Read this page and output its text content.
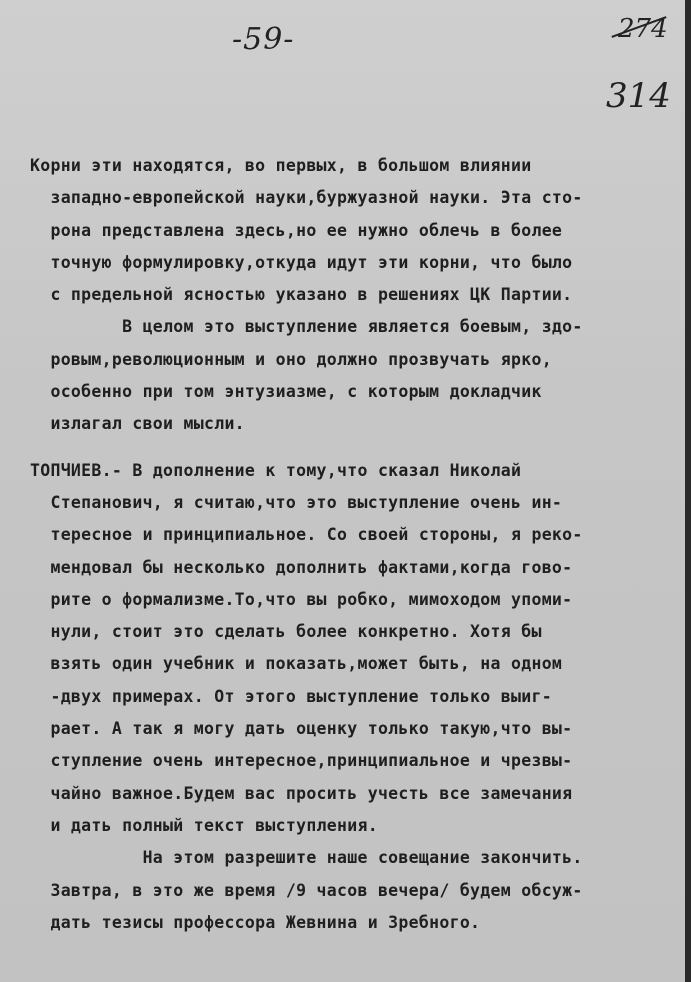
-59-	274
314
Корни эти находятся, во первых, в большом влиянии
западно-европейской науки,буржуазной науки. Эта сто-
рона представлена здесь,но ее нужно облечь в более
точную формулировку,откуда идут эти корни, что было
с предельной ясностью указано в решениях ЦК Партии.
В целом это выступление является боевым, здо-
ровым,революционным и оно должно прозвучать ярко,
особенно при том энтузиазме, с которым докладчик
излагал свои мысли.
ТОПЧИЕВ.- В дополнение к тому,что сказал Николай
Степанович, я считаю,что это выступление очень ин-
тересное и принципиальное. Со своей стороны, я реко-
мендовал бы несколько дополнить фактами,когда гово-
рите о формализме.То,что вы робко, мимоходом упоми-
нули, стоит это сделать более конкретно. Хотя бы
взять один учебник и показать,может быть, на одном
-двух примерах. От этого выступление только выиг-
рает. А так я могу дать оценку только такую,что вы-
ступление очень интересное,принципиальное и чрезвы-
чайно важное.Будем вас просить учесть все замечания
и дать полный текст выступления.
На этом разрешите наше совещание закончить.
Завтра, в это же время /9 часов вечера/ будем обсуж-
дать тезисы профессора Жевнина и Зребного.
